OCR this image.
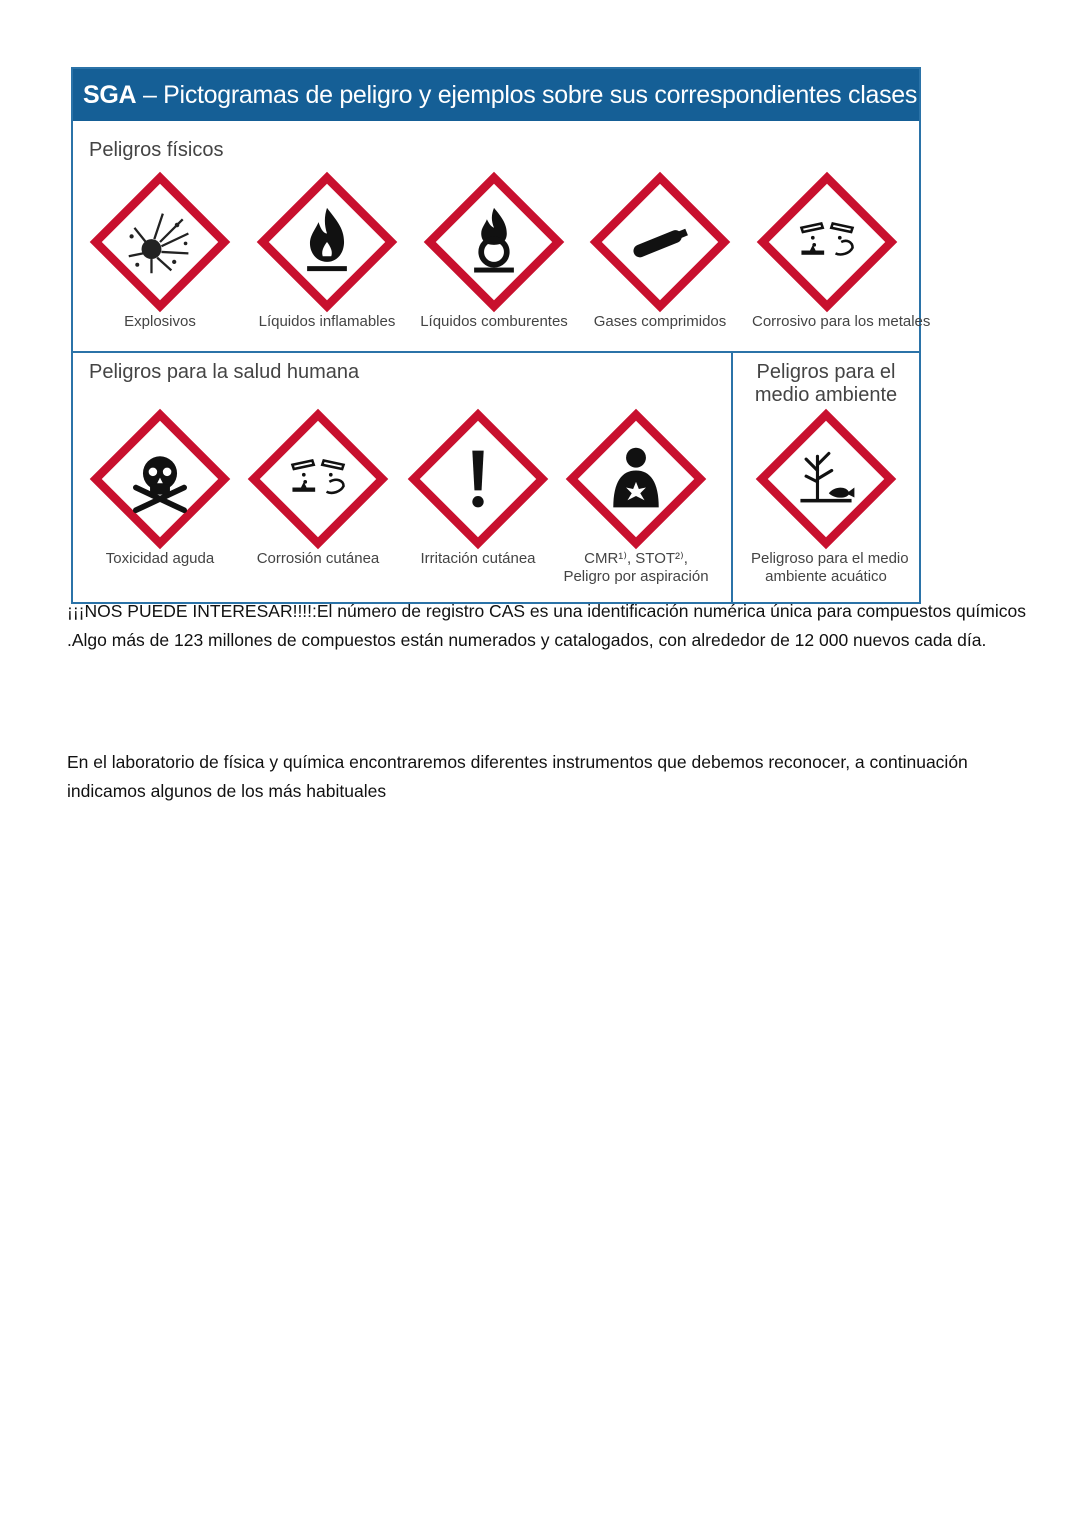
SGA – Pictogramas de peligro y ejemplos sobre sus correspondientes clases de peligro
Peligros físicos
Explosivos	Líquidos inflamables	Líquidos comburentes	Gases comprimidos	Corrosivo para los metales
Peligros para la salud humana
Toxicidad aguda	Corrosión cutánea	Irritación cutánea	CMR¹⁾, STOT²⁾,
Peligro por aspiración
Peligros para el
medio ambiente
Peligroso para el medio
ambiente acuático

¡¡¡NOS PUEDE INTERESAR!!!!:El número de registro CAS es una identificación numérica única para compuestos químicos .Algo más de 123 millones de compuestos están numerados y catalogados, con alrededor de 12 000 nuevos cada día.

En el laboratorio de física y química encontraremos diferentes instrumentos que debemos reconocer, a continuación indicamos algunos de los más habituales
